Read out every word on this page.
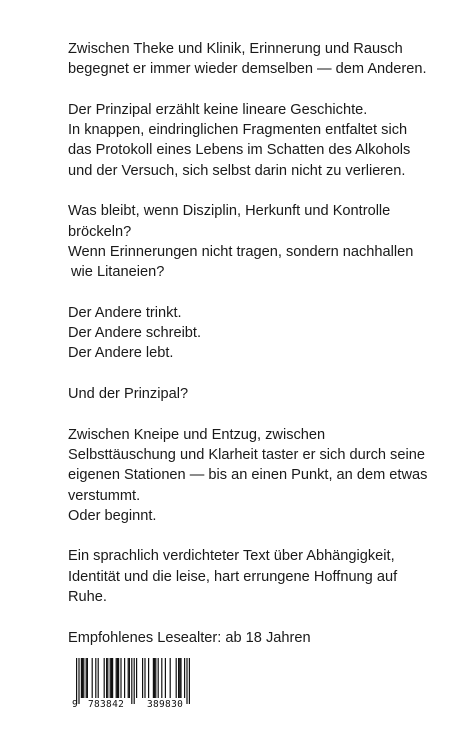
Zwischen Theke und Klinik, Erinnerung und Rausch
begegnet er immer wieder demselben — dem Anderen.

Der Prinzipal erzählt keine lineare Geschichte.
In knappen, eindringlichen Fragmenten entfaltet sich
das Protokoll eines Lebens im Schatten des Alkohols
und der Versuch, sich selbst darin nicht zu verlieren.

Was bleibt, wenn Disziplin, Herkunft und Kontrolle
bröckeln?
Wenn Erinnerungen nicht tragen, sondern nachhallen
wie Litaneien?

Der Andere trinkt.
Der Andere schreibt.
Der Andere lebt.

Und der Prinzipal?

Zwischen Kneipe und Entzug, zwischen
Selbsttäuschung und Klarheit taster er sich durch seine
eigenen Stationen — bis an einen Punkt, an dem etwas
verstummt.
Oder beginnt.

Ein sprachlich verdichteter Text über Abhängigkeit,
Identität und die leise, hart errungene Hoffnung auf
Ruhe.

Empfohlenes Lesealter: ab 18 Jahren

9 783842 389830
